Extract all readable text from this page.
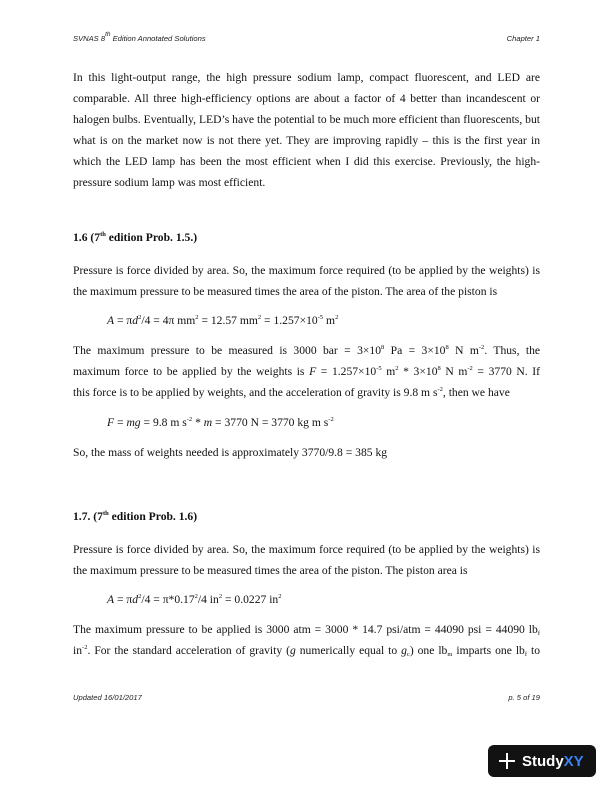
SVNAS 8th Edition Annotated Solutions	Chapter 1

In this light-output range, the high pressure sodium lamp, compact fluorescent, and LED are comparable. All three high-efficiency options are about a factor of 4 better than incandescent or halogen bulbs. Eventually, LED’s have the potential to be much more efficient than fluorescents, but what is on the market now is not there yet. They are improving rapidly – this is the first year in which the LED lamp has been the most efficient when I did this exercise. Previously, the high-pressure sodium lamp was most efficient.

1.6 (7th edition Prob. 1.5.)

Pressure is force divided by area. So, the maximum force required (to be applied by the weights) is the maximum pressure to be measured times the area of the piston. The area of the piston is

$A = \pi d^2/4 = 4\pi$ $mm^2 = 12.57$ $mm^2 = 1.257\times 10^{-5}$ $m^2$
The maximum pressure to be measured is 3000 bar = $3\times 10^8$ $Pa = 3\times 10^8$ N $m^{-2}$. Thus, the
maximum force to be applied by the weights is $F = 1.257\times 10^{-5}$ $m^2 * 3\times 10^8$ N $m^{-2} = 3770$ N. If
this force is to be applied by weights, and the acceleration of gravity is 9.8 m $s^{-2}$, then we have
F = mg = 9.8 m $s^{-2} * m = 3770$ N = 3770 kg m $s^{-2}$
So, the mass of weights needed is approximately 3770/9.8 = 385 kg
1.7. (7th edition Prob. 1.6)

Pressure is force divided by area. So, the maximum force required (to be applied by the weights) is the maximum pressure to be measured times the area of the piston. The piston area is

$A = \pi d^2/4 = \pi*0.17^2/4$ $in^2 = 0.0227$ $in^2$
The maximum pressure to be applied is 3000 atm = 3000 * 14.7 psi/atm = 44090 psi = 44090 $lb_f$
$in^{-2}$. For the standard acceleration of gravity (g numerically equal to $g_c$) one $lb_m$ imparts one $lb_f$ to
Updated 16/01/2017	p. 5 of 19
Study XY
